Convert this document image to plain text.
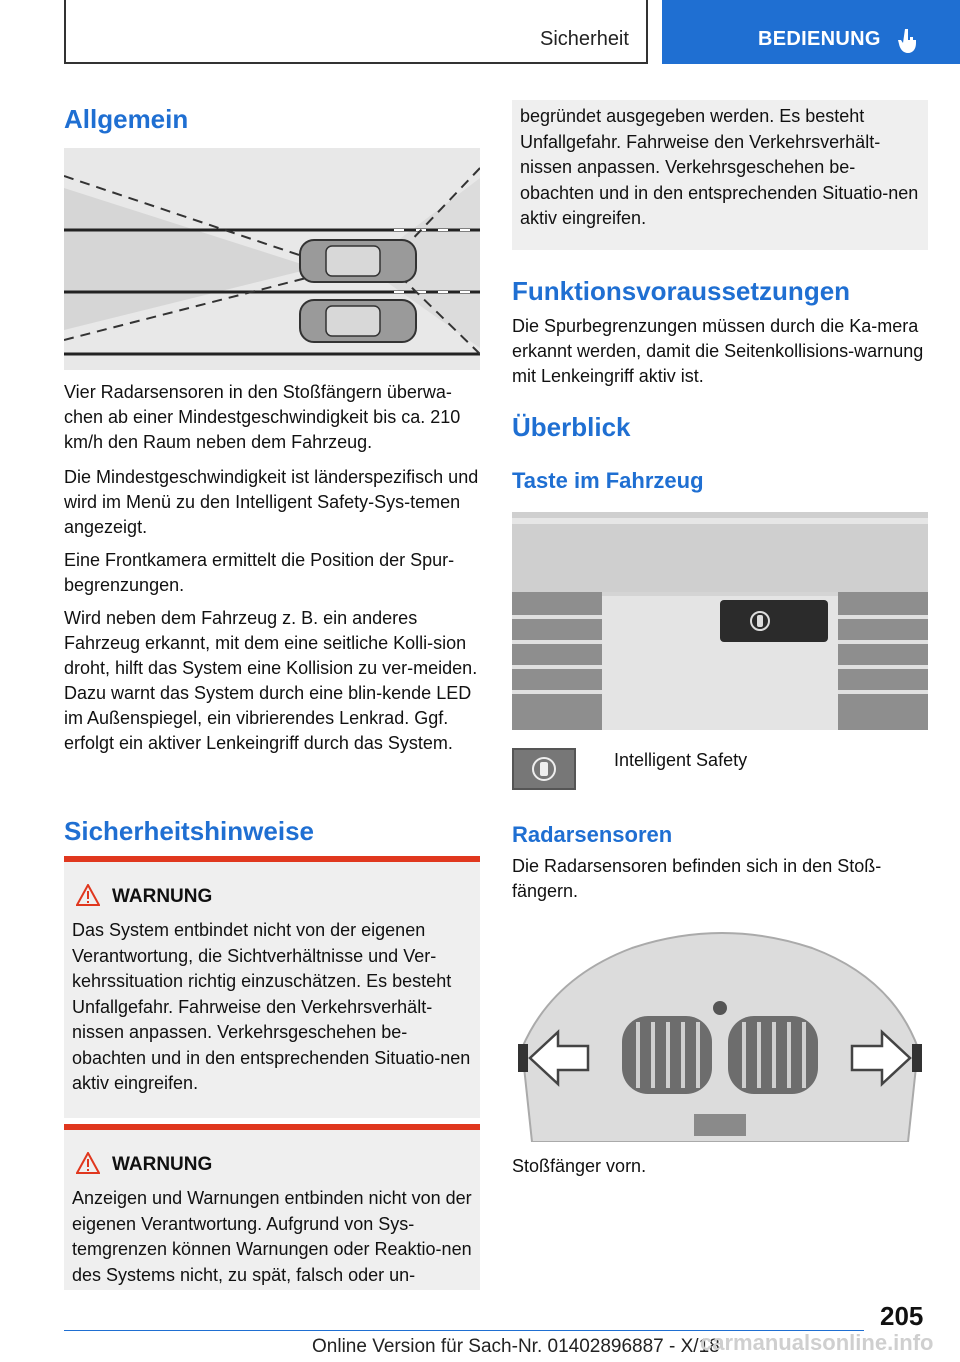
Sicherheit	BEDIENUNG
Allgemein

Vier Radarsensoren in den Stoßfängern überwa-chen ab einer Mindestgeschwindigkeit bis ca. 210 km/h den Raum neben dem Fahrzeug.

Die Mindestgeschwindigkeit ist länderspezifisch und wird im Menü zu den Intelligent Safety-Sys-temen angezeigt.

Eine Frontkamera ermittelt die Position der Spur-begrenzungen.

Wird neben dem Fahrzeug z. B. ein anderes Fahrzeug erkannt, mit dem eine seitliche Kolli-sion droht, hilft das System eine Kollision zu ver-meiden. Dazu warnt das System durch eine blin-kende LED im Außenspiegel, ein vibrierendes Lenkrad. Ggf. erfolgt ein aktiver Lenkeingriff durch das System.

Sicherheitshinweise
WARNUNG
Das System entbindet nicht von der eigenen Verantwortung, die Sichtverhältnisse und Ver-kehrssituation richtig einzuschätzen. Es besteht Unfallgefahr. Fahrweise den Verkehrsverhält-nissen anpassen. Verkehrsgeschehen be-obachten und in den entsprechenden Situatio-nen aktiv eingreifen.
WARNUNG
Anzeigen und Warnungen entbinden nicht von der eigenen Verantwortung. Aufgrund von Sys-temgrenzen können Warnungen oder Reaktio-nen des Systems nicht, zu spät, falsch oder un-
begründet ausgegeben werden. Es besteht Unfallgefahr. Fahrweise den Verkehrsverhält-nissen anpassen. Verkehrsgeschehen be-obachten und in den entsprechenden Situatio-nen aktiv eingreifen.
Funktionsvoraussetzungen

Die Spurbegrenzungen müssen durch die Ka-mera erkannt werden, damit die Seitenkollisions-warnung mit Lenkeingriff aktiv ist.

Überblick
Taste im Fahrzeug

Intelligent Safety

Radarsensoren

Die Radarsensoren befinden sich in den Stoß-fängern.

Stoßfänger vorn.

205
Online Version für Sach-Nr. 01402896887 - X/18
carmanualsonline.info
